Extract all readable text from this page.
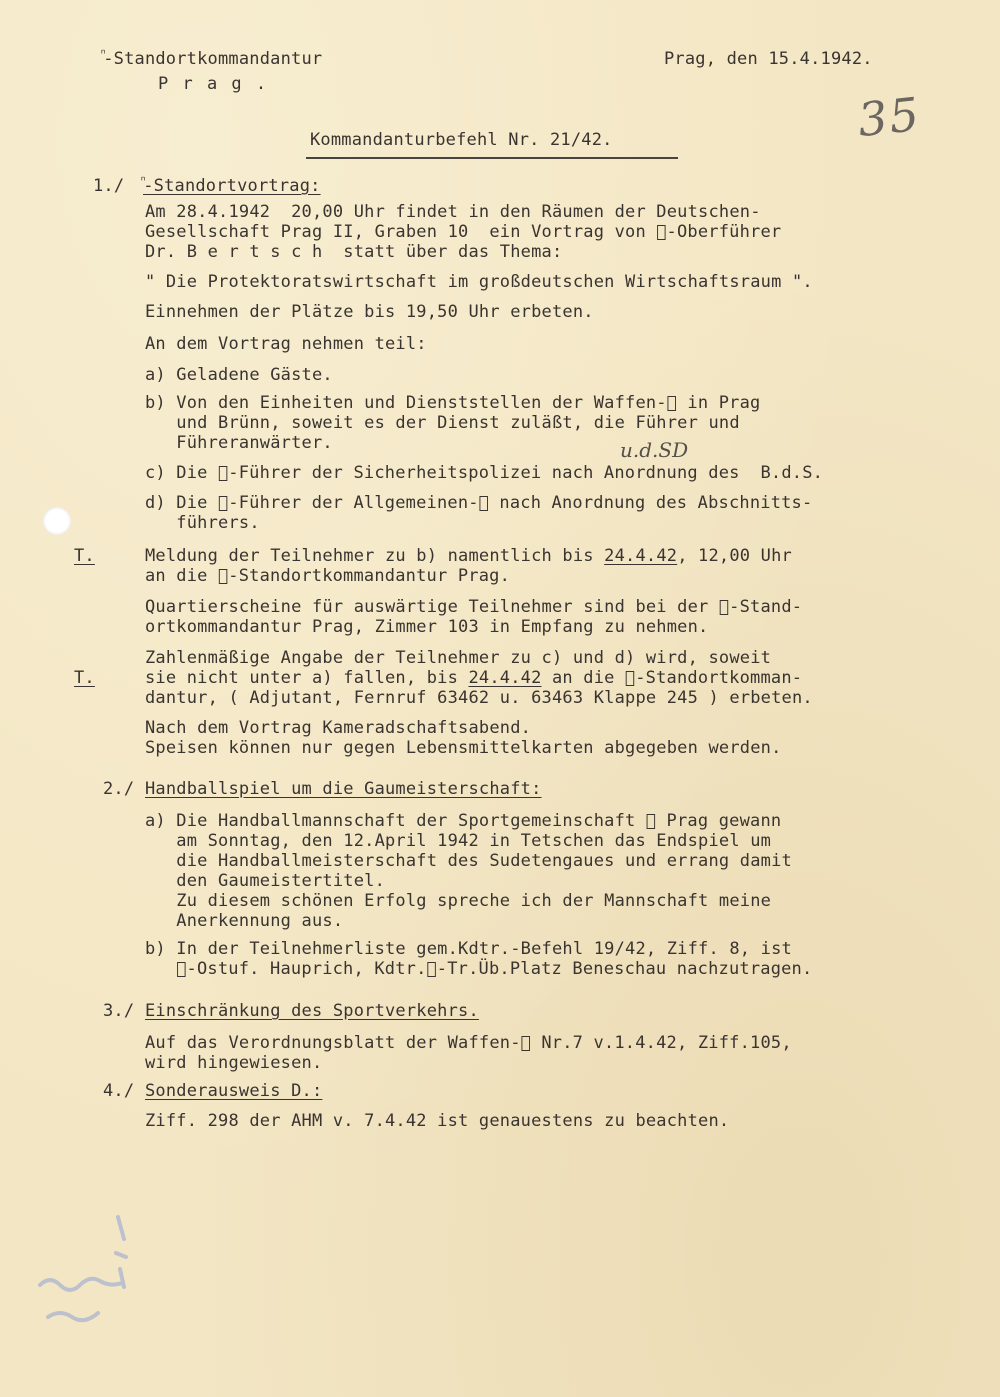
ᷠ-Standortkommandantur
P r a g .
Prag, den 15.4.1942.
35
Kommandanturbefehl Nr. 21/42.
1./ ᷠ-Standortvortrag:
Am 28.4.1942  20,00 Uhr findet in den Räumen der Deutschen-
Gesellschaft Prag II, Graben 10  ein Vortrag von ᷠ-Oberführer
Dr. B e r t s c h  statt über das Thema:
" Die Protektoratswirtschaft im großdeutschen Wirtschaftsraum ".
Einnehmen der Plätze bis 19,50 Uhr erbeten.
An dem Vortrag nehmen teil:
a) Geladene Gäste.
b) Von den Einheiten und Dienststellen der Waffen-ᷠ in Prag
und Brünn, soweit es der Dienst zuläßt, die Führer und
Führeranwärter.	u.d.SD
c) Die ᷠ-Führer der Sicherheitspolizei nach Anordnung des  B.d.S.
d) Die ᷠ-Führer der Allgemeinen-ᷠ nach Anordnung des Abschnitts-
führers.
T.	Meldung der Teilnehmer zu b) namentlich bis 24.4.42, 12,00 Uhr
an die ᷠ-Standortkommandantur Prag.
Quartierscheine für auswärtige Teilnehmer sind bei der ᷠ-Stand-
ortkommandantur Prag, Zimmer 103 in Empfang zu nehmen.
Zahlenmäßige Angabe der Teilnehmer zu c) und d) wird, soweit
T.	sie nicht unter a) fallen, bis 24.4.42 an die ᷠ-Standortkomman-
dantur, ( Adjutant, Fernruf 63462 u. 63463 Klappe 245 ) erbeten.
Nach dem Vortrag Kameradschaftsabend.
Speisen können nur gegen Lebensmittelkarten abgegeben werden.
2./ Handballspiel um die Gaumeisterschaft:
a) Die Handballmannschaft der Sportgemeinschaft ᷠ Prag gewann
am Sonntag, den 12.April 1942 in Tetschen das Endspiel um
die Handballmeisterschaft des Sudetengaues und errang damit
den Gaumeistertitel.
Zu diesem schönen Erfolg spreche ich der Mannschaft meine
Anerkennung aus.
b) In der Teilnehmerliste gem.Kdtr.-Befehl 19/42, Ziff. 8, ist
ᷠ-Ostuf. Hauprich, Kdtr.ᷠ-Tr.Üb.Platz Beneschau nachzutragen.
3./ Einschränkung des Sportverkehrs.
Auf das Verordnungsblatt der Waffen-ᷠ Nr.7 v.1.4.42, Ziff.105,
wird hingewiesen.
4./ Sonderausweis D.:
Ziff. 298 der AHM v. 7.4.42 ist genauestens zu beachten.
